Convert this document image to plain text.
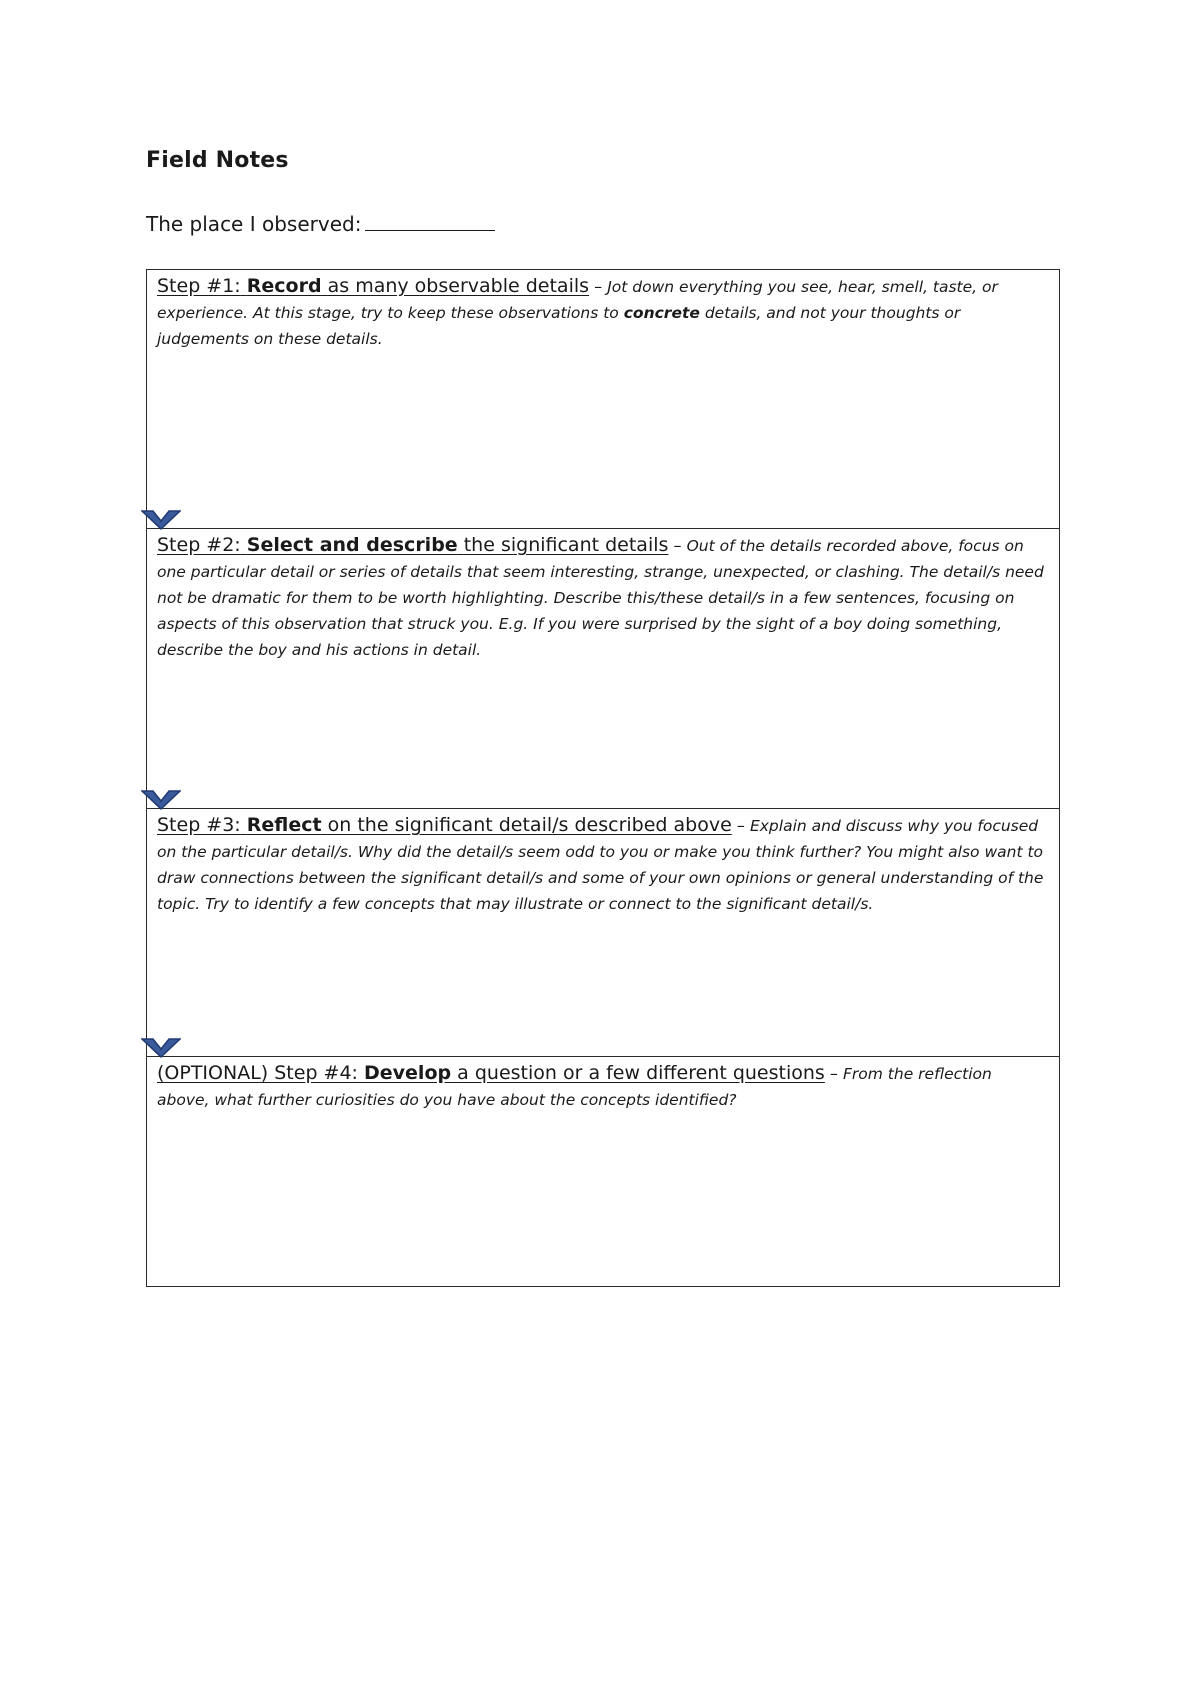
Field Notes
The place I observed:
Step #1: Record as many observable details – Jot down everything you see, hear, smell, taste, or experience. At this stage, try to keep these observations to concrete details, and not your thoughts or judgements on these details.
Step #2: Select and describe the significant details – Out of the details recorded above, focus on one particular detail or series of details that seem interesting, strange, unexpected, or clashing. The detail/s need not be dramatic for them to be worth highlighting. Describe this/these detail/s in a few sentences, focusing on aspects of this observation that struck you. E.g. If you were surprised by the sight of a boy doing something, describe the boy and his actions in detail.
Step #3: Reflect on the significant detail/s described above – Explain and discuss why you focused on the particular detail/s. Why did the detail/s seem odd to you or make you think further? You might also want to draw connections between the significant detail/s and some of your own opinions or general understanding of the topic. Try to identify a few concepts that may illustrate or connect to the significant detail/s.
(OPTIONAL) Step #4: Develop a question or a few different questions – From the reflection above, what further curiosities do you have about the concepts identified?
